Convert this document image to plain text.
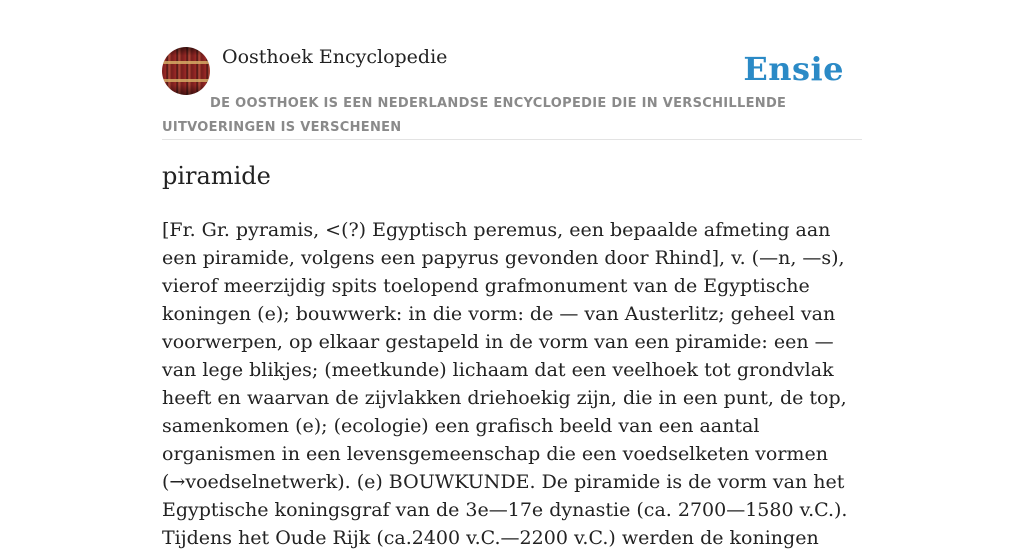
Oosthoek Encyclopedie	Ensie
DE OOSTHOEK IS EEN NEDERLANDSE ENCYCLOPEDIE DIE IN VERSCHILLENDE UITVOERINGEN IS VERSCHENEN
piramide

[Fr. Gr. pyramis, <(?) Egyptisch peremus, een bepaalde afmeting aan een piramide, volgens een papyrus gevonden door Rhind], v. (—n, —s), vierof meerzijdig spits toelopend grafmonument van de Egyptische koningen (e); bouwwerk: in die vorm: de — van Austerlitz; geheel van voorwerpen, op elkaar gestapeld in de vorm van een piramide: een — van lege blikjes; (meetkunde) lichaam dat een veelhoek tot grondvlak heeft en waarvan de zijvlakken driehoekig zijn, die in een punt, de top, samenkomen (e); (ecologie) een grafisch beeld van een aantal organismen in een levensgemeenschap die een voedselketen vormen (→voedselnetwerk). (e) BOUWKUNDE. De piramide is de vorm van het Egyptische koningsgraf van de 3e—17e dynastie (ca. 2700—1580 v.C.). Tijdens het Oude Rijk (ca.2400 v.C.—2200 v.C.) werden de koningen
